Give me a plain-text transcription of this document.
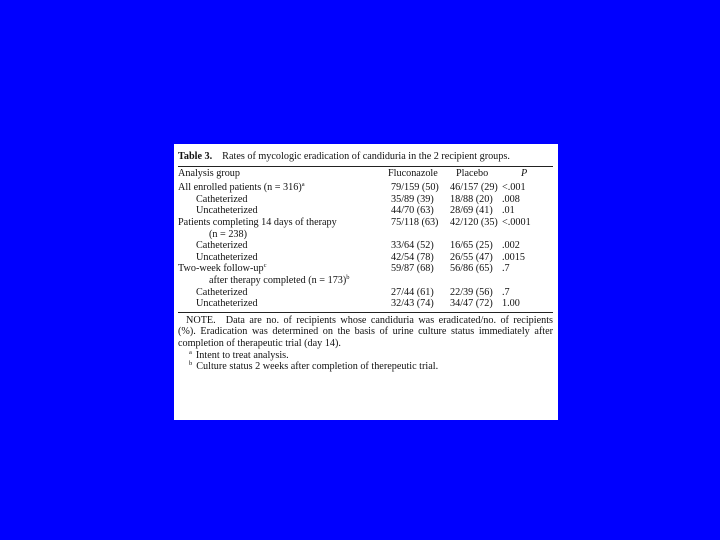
Table 3. Rates of mycologic eradication of candiduria in the 2 recipient groups.

Analysis group	Fluconazole	Placebo	P
All enrolled patients (n = 316)$^a$	79/159 (50)	46/157 (29)	<.001
Catheterized	35/89 (39)	18/88 (20)	.008
Uncatheterized	44/70 (63)	28/69 (41)	.01
Patients completing 14 days of therapy	75/118 (63)	42/120 (35)	<.0001
(n = 238)			
Catheterized	33/64 (52)	16/65 (25)	.002
Uncatheterized	42/54 (78)	26/55 (47)	.0015
Two-week follow-$up^c$	59/87 (68)	56/86 (65)	.7
after therapy completed (n = 173)$^b$			
Catheterized	27/44 (61)	22/39 (56)	.7
Uncatheterized	32/43 (74)	34/47 (72)	1.00

NOTE. Data are no. of recipients whose candiduria was eradicated/no. of recipients (%). Eradication was determined on the basis of urine culture status immediately after completion of therapeutic trial (day 14).

$^a$ Intent to treat analysis.

$^b$ Culture status 2 weeks after completion of therepeutic trial.
